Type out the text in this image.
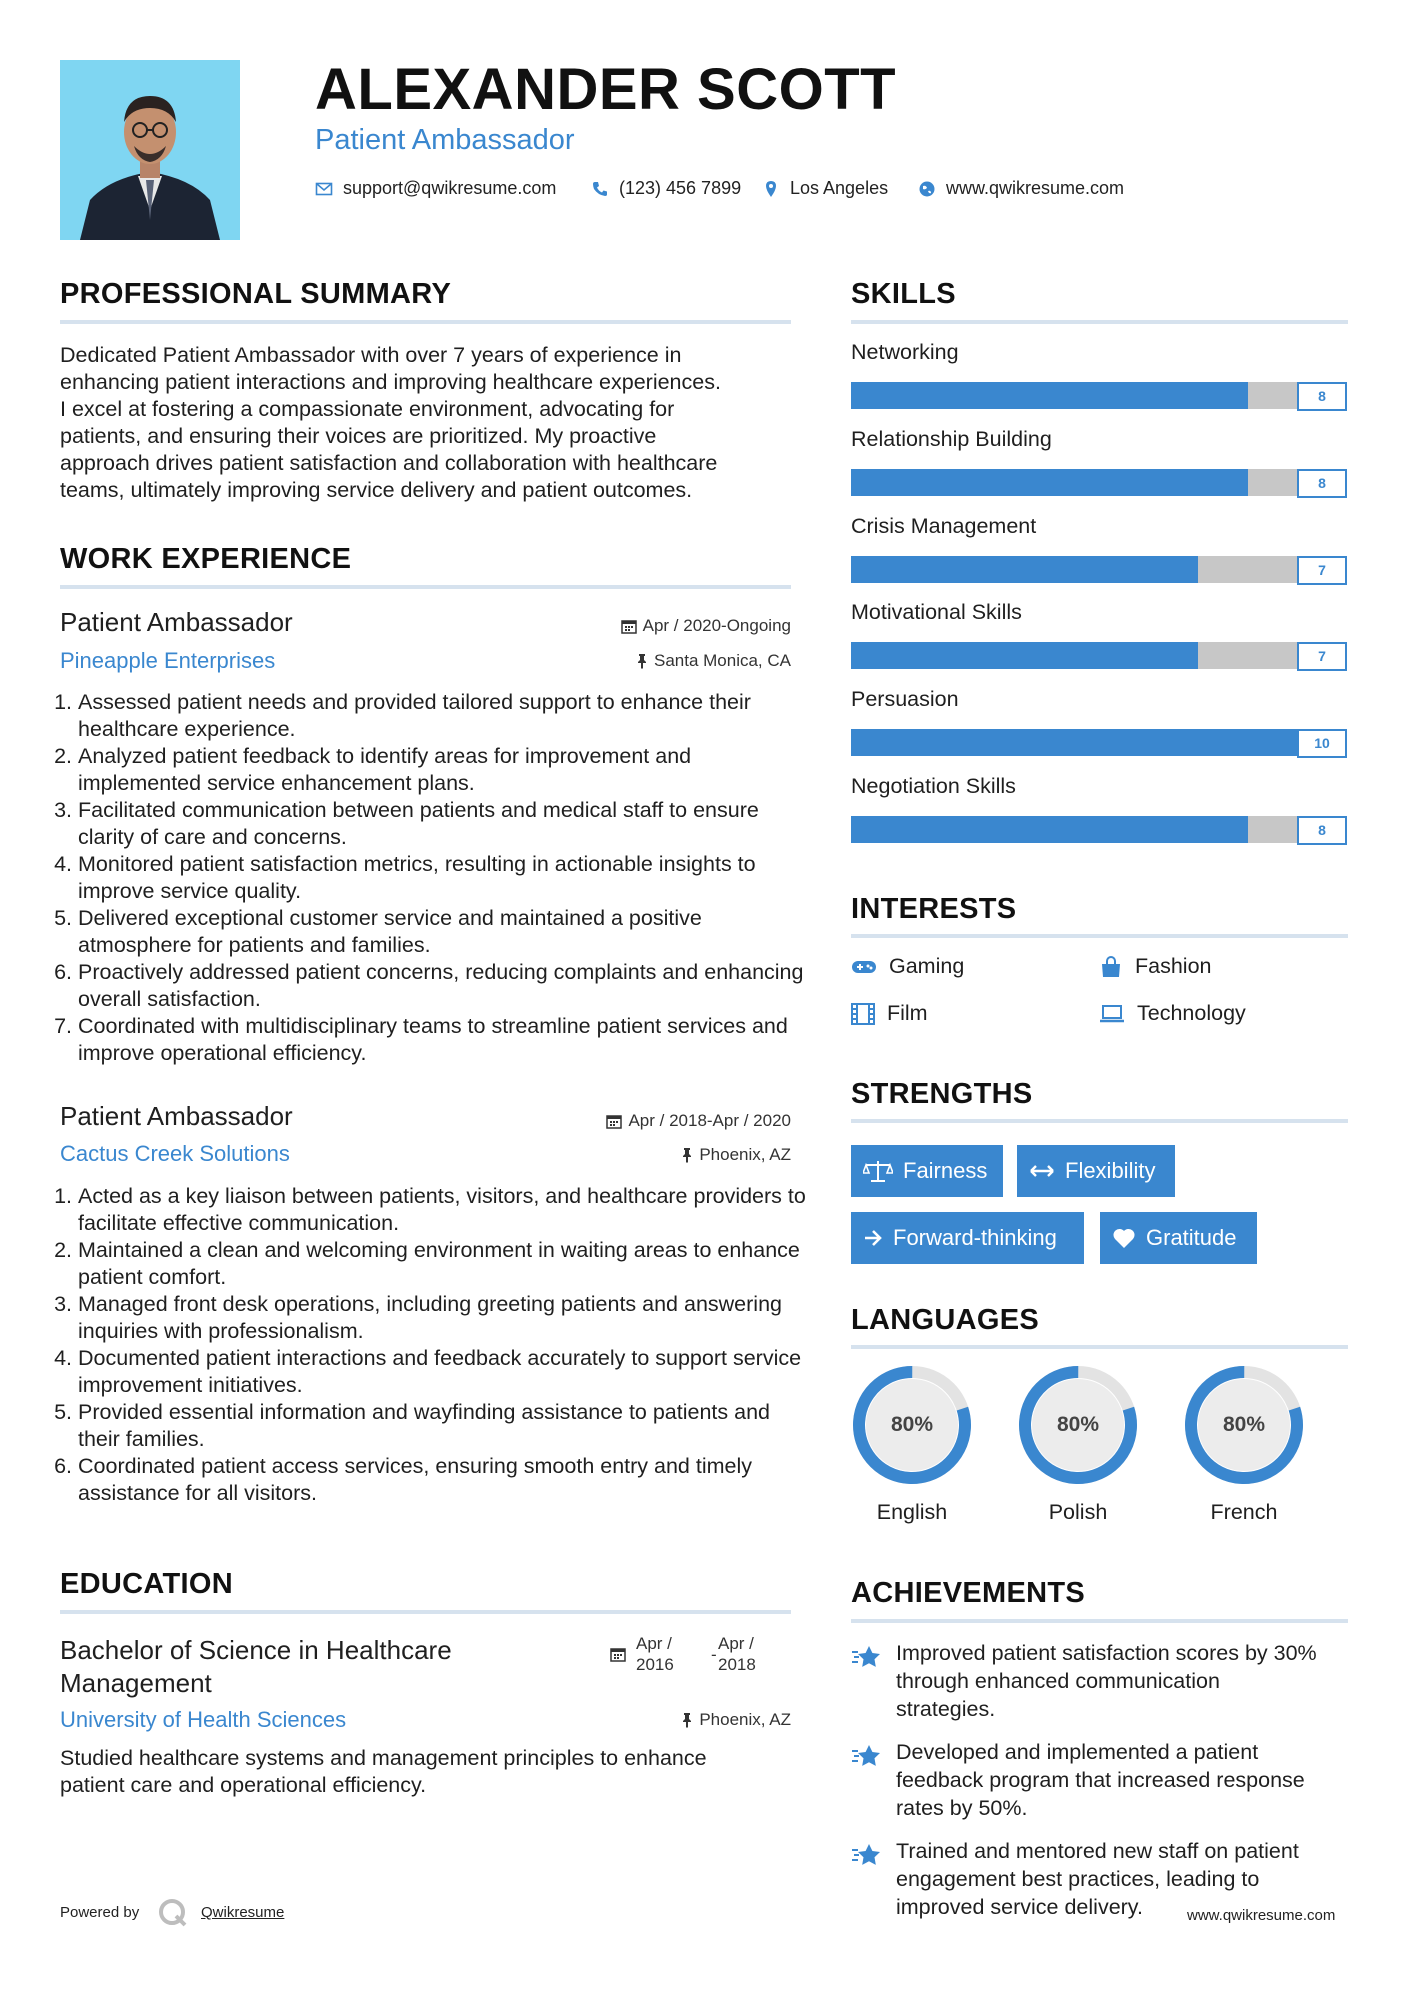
ALEXANDER SCOTT
Patient Ambassador
support@qwikresume.com	(123) 456 7899	Los Angeles	www.qwikresume.com
PROFESSIONAL SUMMARY
Dedicated Patient Ambassador with over 7 years of experience in
enhancing patient interactions and improving healthcare experiences.
I excel at fostering a compassionate environment, advocating for
patients, and ensuring their voices are prioritized. My proactive
approach drives patient satisfaction and collaboration with healthcare
teams, ultimately improving service delivery and patient outcomes.
WORK EXPERIENCE
Patient Ambassador
Pineapple Enterprises
Apr / 2020-Ongoing
Santa Monica, CA
1. Assessed patient needs and provided tailored support to enhance their healthcare experience.
2. Analyzed patient feedback to identify areas for improvement and implemented service enhancement plans.
3. Facilitated communication between patients and medical staff to ensure clarity of care and concerns.
4. Monitored patient satisfaction metrics, resulting in actionable insights to improve service quality.
5. Delivered exceptional customer service and maintained a positive atmosphere for patients and families.
6. Proactively addressed patient concerns, reducing complaints and enhancing overall satisfaction.
7. Coordinated with multidisciplinary teams to streamline patient services and improve operational efficiency.
Patient Ambassador
Cactus Creek Solutions
Apr / 2018-Apr / 2020
Phoenix, AZ
1. Acted as a key liaison between patients, visitors, and healthcare providers to facilitate effective communication.
2. Maintained a clean and welcoming environment in waiting areas to enhance patient comfort.
3. Managed front desk operations, including greeting patients and answering inquiries with professionalism.
4. Documented patient interactions and feedback accurately to support service improvement initiatives.
5. Provided essential information and wayfinding assistance to patients and their families.
6. Coordinated patient access services, ensuring smooth entry and timely assistance for all visitors.
EDUCATION
Bachelor of Science in Healthcare
Management
University of Health Sciences
Apr /
2016
-
Apr /
2018
Phoenix, AZ
Studied healthcare systems and management principles to enhance
patient care and operational efficiency.
SKILLS
Networking
8
Relationship Building
8
Crisis Management
7
Motivational Skills
7
Persuasion
10
Negotiation Skills
8
INTERESTS
Gaming	Fashion
Film	Technology
STRENGTHS
Fairness	Flexibility
Forward-thinking	Gratitude
LANGUAGES
80%
English
80%
Polish
80%
French
ACHIEVEMENTS
Improved patient satisfaction scores by 30%
through enhanced communication
strategies.
Developed and implemented a patient
feedback program that increased response
rates by 50%.
Trained and mentored new staff on patient
engagement best practices, leading to
improved service delivery.
Powered by	Qwikresume	www.qwikresume.com
